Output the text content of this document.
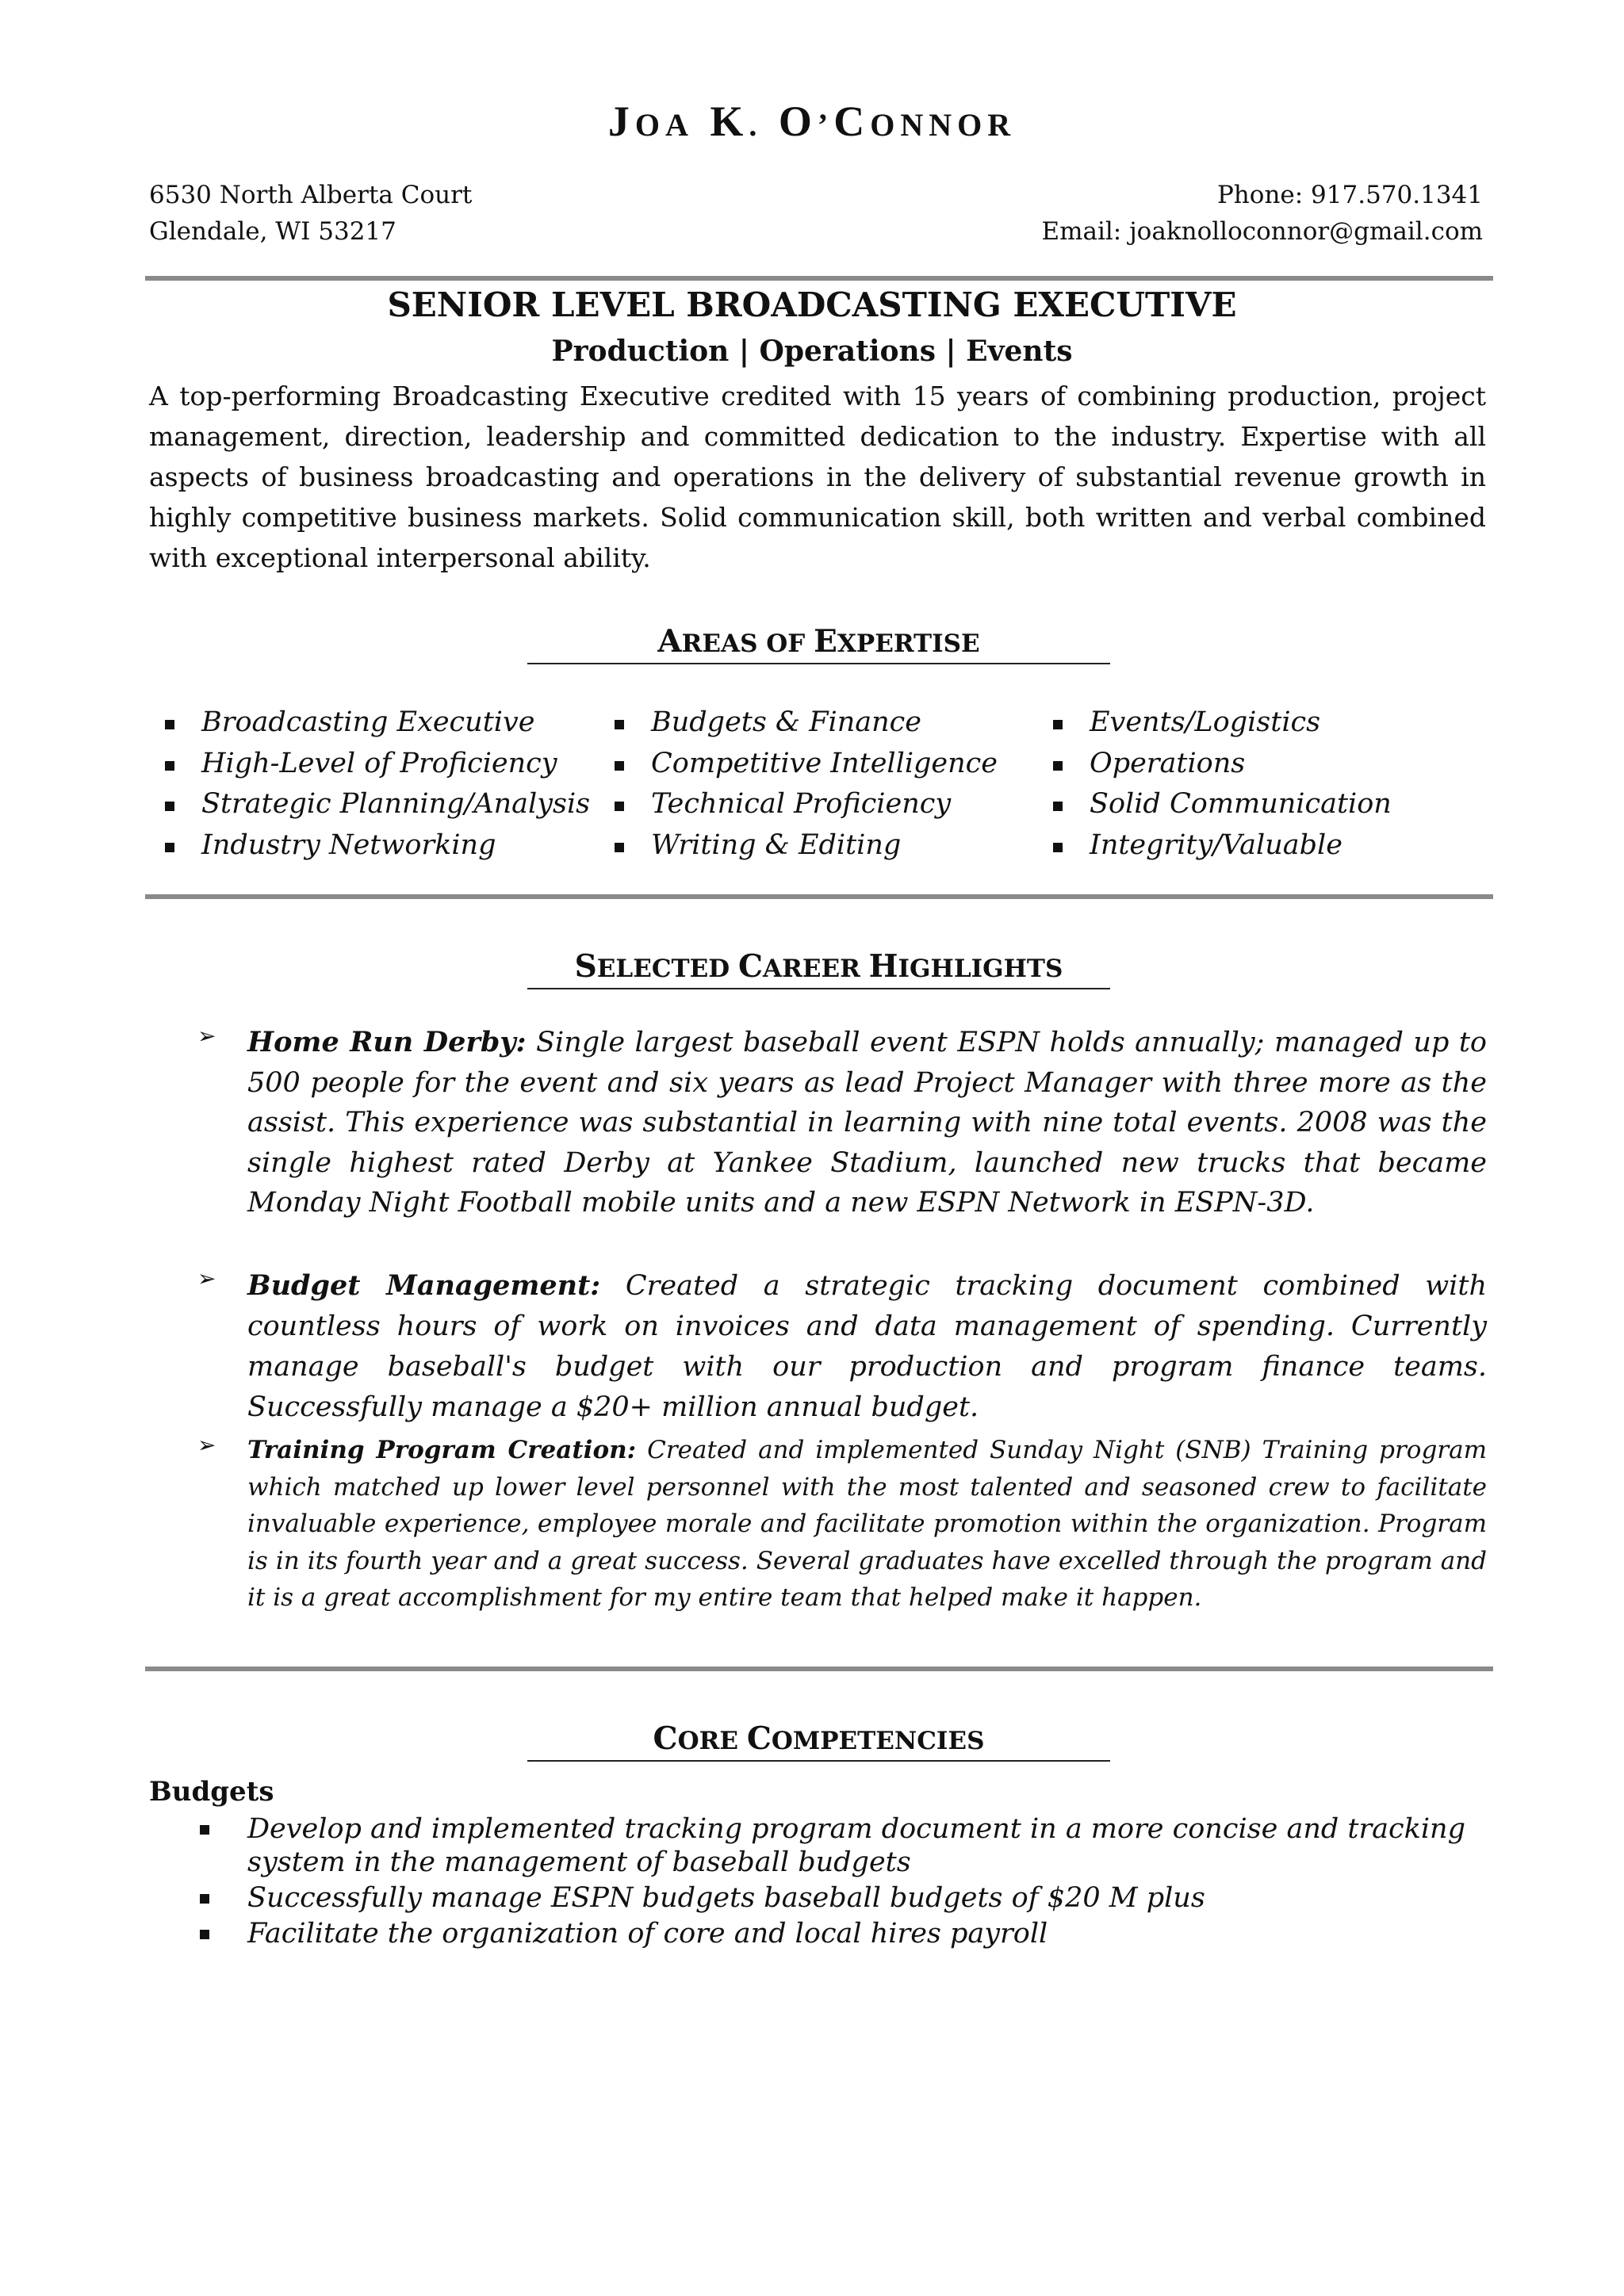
JOA K. O’CONNOR
6530 North Alberta Court
Glendale, WI 53217
Phone: 917.570.1341
Email: joaknolloconnor@gmail.com
SENIOR LEVEL BROADCASTING EXECUTIVE
Production | Operations | Events
A top-performing Broadcasting Executive credited with 15 years of combining production, project management, direction, leadership and committed dedication to the industry. Expertise with all aspects of business broadcasting and operations in the delivery of substantial revenue growth in highly competitive business markets. Solid communication skill, both written and verbal combined with exceptional interpersonal ability.
AREAS OF EXPERTISE
Broadcasting Executive
High-Level of Proficiency
Strategic Planning/Analysis
Industry Networking
Budgets & Finance
Competitive Intelligence
Technical Proficiency
Writing & Editing
Events/Logistics
Operations
Solid Communication
Integrity/Valuable
SELECTED CAREER HIGHLIGHTS
➢ Home Run Derby: Single largest baseball event ESPN holds annually; managed up to 500 people for the event and six years as lead Project Manager with three more as the assist. This experience was substantial in learning with nine total events. 2008 was the single highest rated Derby at Yankee Stadium, launched new trucks that became Monday Night Football mobile units and a new ESPN Network in ESPN-3D.
➢ Budget Management: Created a strategic tracking document combined with countless hours of work on invoices and data management of spending. Currently manage baseball's budget with our production and program finance teams. Successfully manage a $20+ million annual budget.
➢ Training Program Creation: Created and implemented Sunday Night (SNB) Training program which matched up lower level personnel with the most talented and seasoned crew to facilitate invaluable experience, employee morale and facilitate promotion within the organization. Program is in its fourth year and a great success. Several graduates have excelled through the program and it is a great accomplishment for my entire team that helped make it happen.
CORE COMPETENCIES
Budgets
Develop and implemented tracking program document in a more concise and tracking system in the management of baseball budgets
Successfully manage ESPN budgets baseball budgets of $20 M plus
Facilitate the organization of core and local hires payroll
